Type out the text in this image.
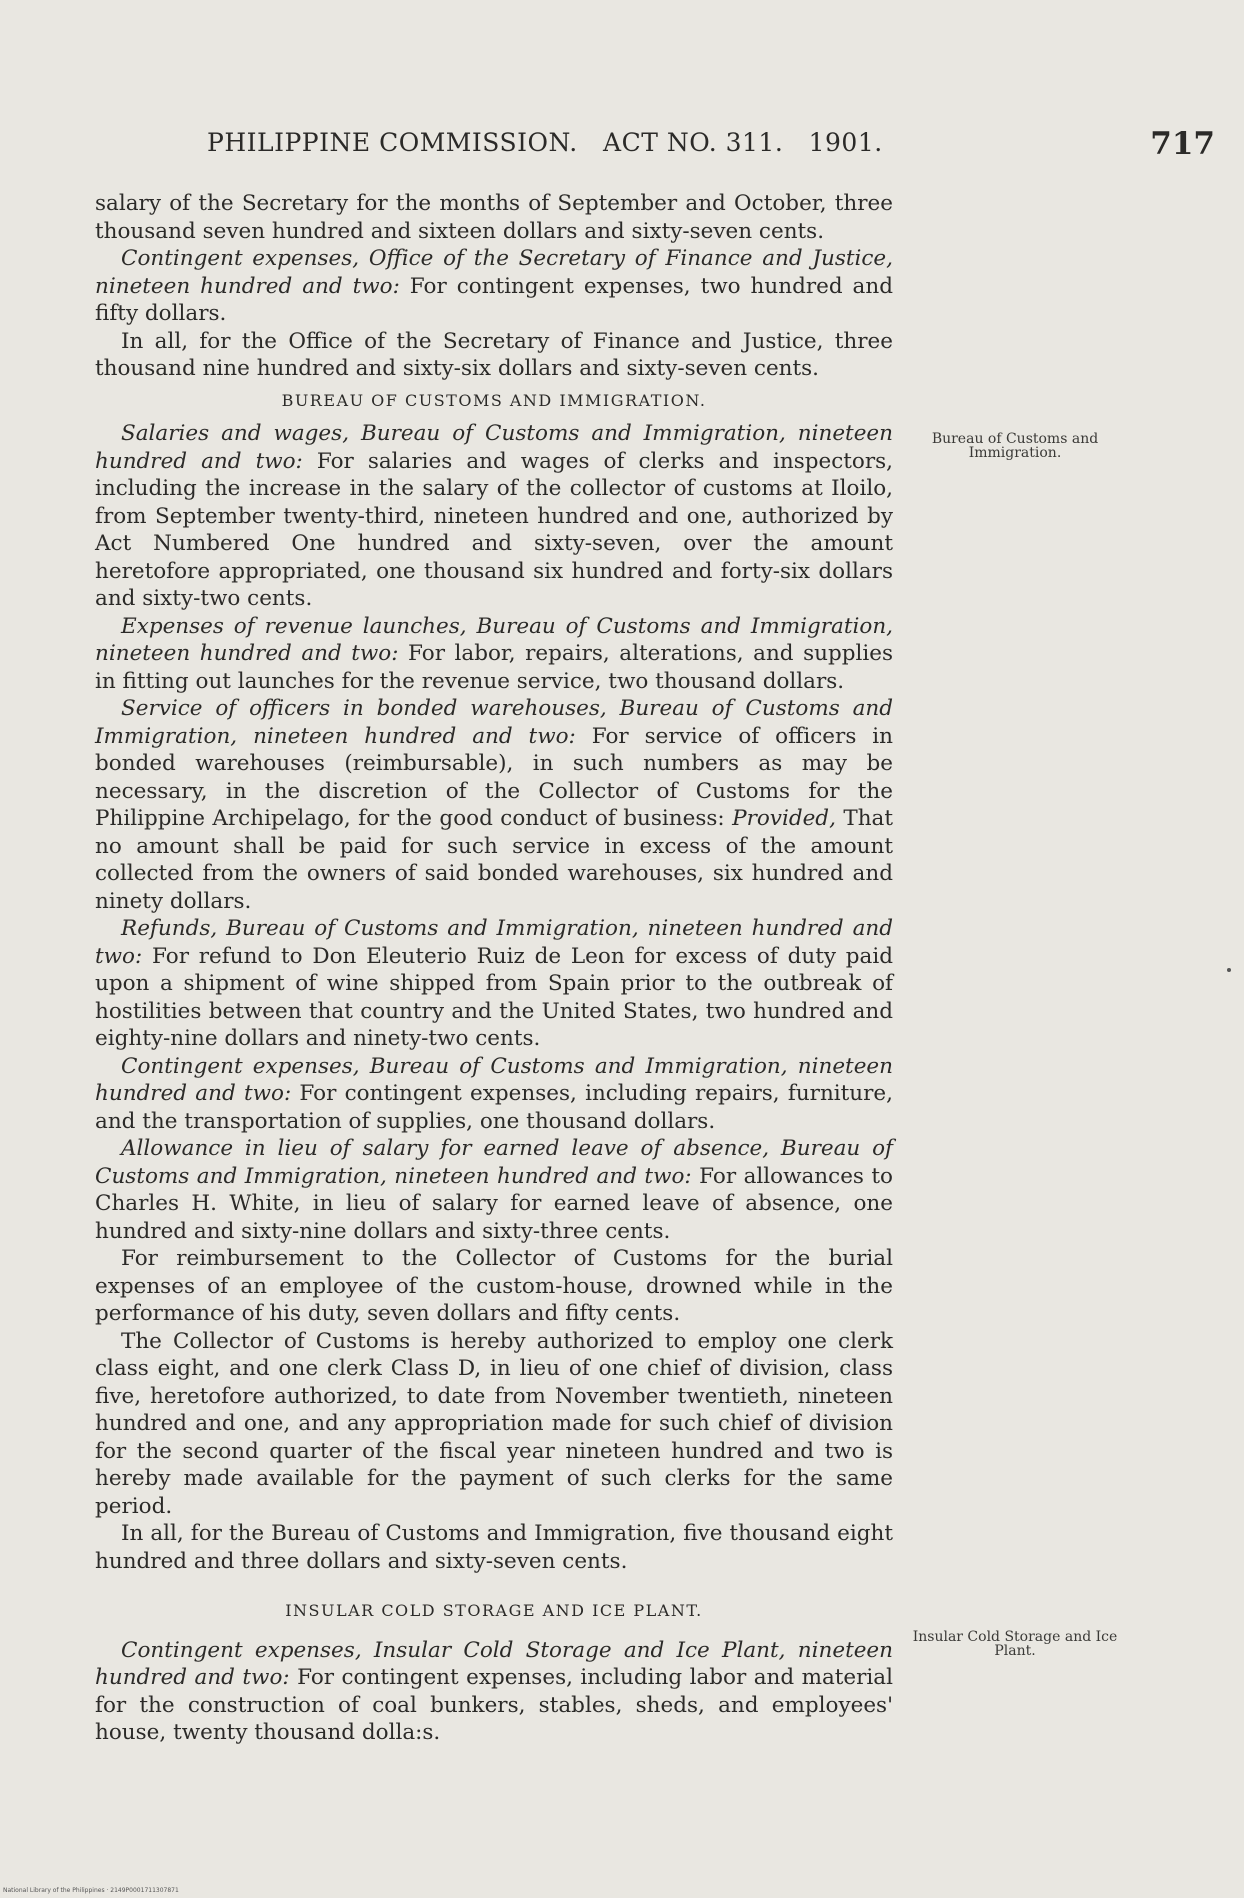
PHILIPPINE COMMISSION.   ACT NO. 311.   1901.	717

salary of the Secretary for the months of September and October, three thousand seven hundred and sixteen dollars and sixty-seven cents.

Contingent expenses, Office of the Secretary of Finance and Justice, nineteen hundred and two: For contingent expenses, two hundred and fifty dollars.

In all, for the Office of the Secretary of Finance and Justice, three thousand nine hundred and sixty-six dollars and sixty-seven cents.

BUREAU OF CUSTOMS AND IMMIGRATION.

Salaries and wages, Bureau of Customs and Immigration, nineteen hundred and two: For salaries and wages of clerks and inspectors, including the increase in the salary of the collector of customs at Iloilo, from September twenty-third, nineteen hundred and one, authorized by Act Numbered One hundred and sixty-seven, over the amount heretofore appropriated, one thousand six hundred and forty-six dollars and sixty-two cents.

Expenses of revenue launches, Bureau of Customs and Immigration, nineteen hundred and two: For labor, repairs, alterations, and supplies in fitting out launches for the revenue service, two thousand dollars.

Service of officers in bonded warehouses, Bureau of Customs and Immigration, nineteen hundred and two: For service of officers in bonded warehouses (reimbursable), in such numbers as may be necessary, in the discretion of the Collector of Customs for the Philippine Archipelago, for the good conduct of business: Provided, That no amount shall be paid for such service in excess of the amount collected from the owners of said bonded warehouses, six hundred and ninety dollars.

Refunds, Bureau of Customs and Immigration, nineteen hundred and two: For refund to Don Eleuterio Ruiz de Leon for excess of duty paid upon a shipment of wine shipped from Spain prior to the outbreak of hostilities between that country and the United States, two hundred and eighty-nine dollars and ninety-two cents.

Contingent expenses, Bureau of Customs and Immigration, nineteen hundred and two: For contingent expenses, including repairs, furniture, and the transportation of supplies, one thousand dollars.

Allowance in lieu of salary for earned leave of absence, Bureau of Customs and Immigration, nineteen hundred and two: For allowances to Charles H. White, in lieu of salary for earned leave of absence, one hundred and sixty-nine dollars and sixty-three cents.

For reimbursement to the Collector of Customs for the burial expenses of an employee of the custom-house, drowned while in the performance of his duty, seven dollars and fifty cents.

The Collector of Customs is hereby authorized to employ one clerk class eight, and one clerk Class D, in lieu of one chief of division, class five, heretofore authorized, to date from November twentieth, nineteen hundred and one, and any appropriation made for such chief of division for the second quarter of the fiscal year nineteen hundred and two is hereby made available for the payment of such clerks for the same period.

In all, for the Bureau of Customs and Immigration, five thousand eight hundred and three dollars and sixty-seven cents.

INSULAR COLD STORAGE AND ICE PLANT.

Contingent expenses, Insular Cold Storage and Ice Plant, nineteen hundred and two: For contingent expenses, including labor and material for the construction of coal bunkers, stables, sheds, and employees' house, twenty thousand dolla:s.

Bureau of Customs and Immigration.
Insular Cold Storage and Ice Plant.
National Library of the Philippines · 2149P0001711307871
